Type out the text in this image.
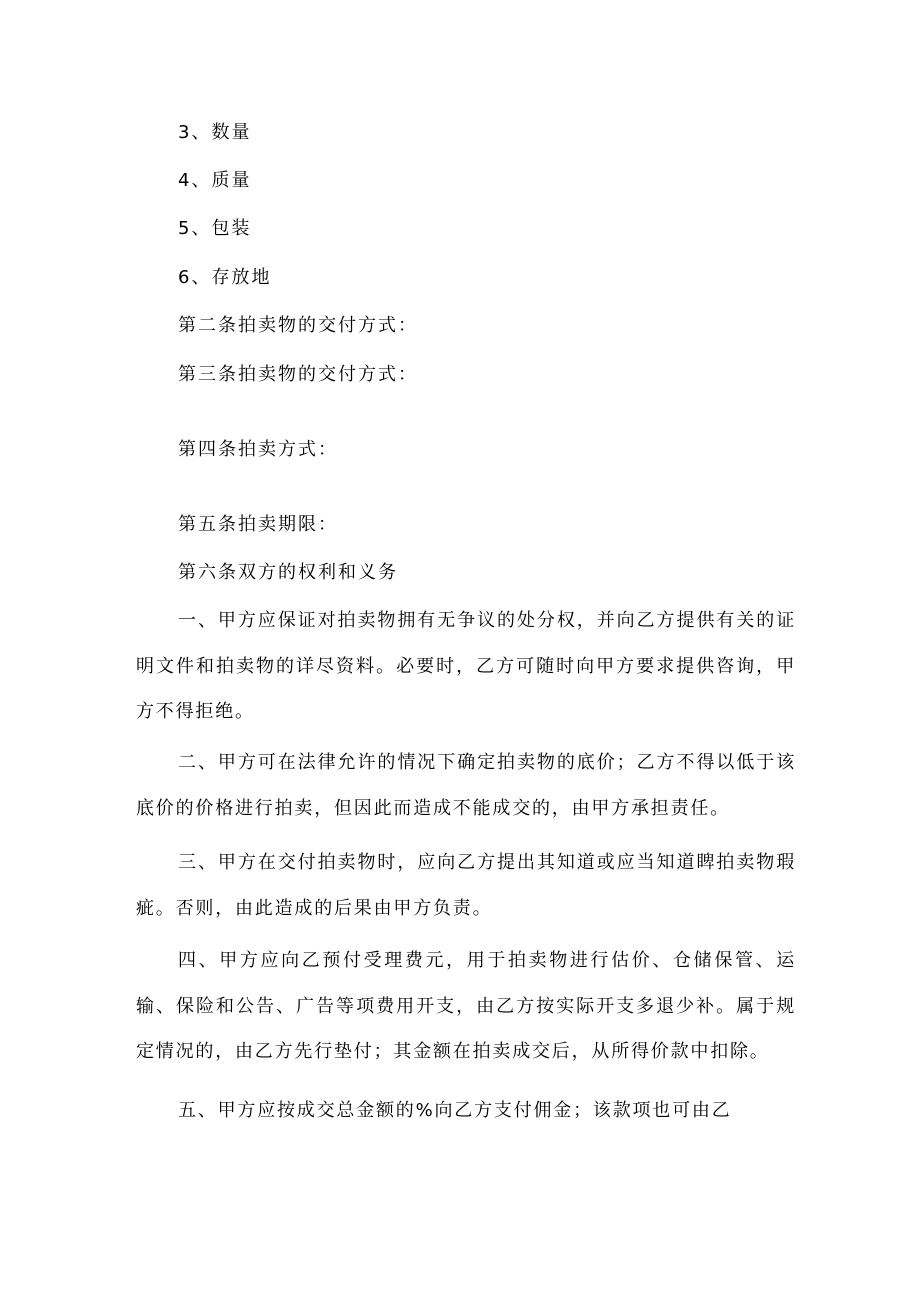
3、数量
4、质量
5、包装
6、存放地
第二条拍卖物的交付方式：
第三条拍卖物的交付方式：
第四条拍卖方式：
第五条拍卖期限：
第六条双方的权利和义务
一、甲方应保证对拍卖物拥有无争议的处分权，并向乙方提供有关的证明文件和拍卖物的详尽资料。必要时，乙方可随时向甲方要求提供咨询，甲方不得拒绝。
二、甲方可在法律允许的情况下确定拍卖物的底价；乙方不得以低于该底价的价格进行拍卖，但因此而造成不能成交的，由甲方承担责任。
三、甲方在交付拍卖物时，应向乙方提出其知道或应当知道睥拍卖物瑕疵。否则，由此造成的后果由甲方负责。
四、甲方应向乙预付受理费元，用于拍卖物进行估价、仓储保管、运输、保险和公告、广告等项费用开支，由乙方按实际开支多退少补。属于规定情况的，由乙方先行垫付；其金额在拍卖成交后，从所得价款中扣除。
五、甲方应按成交总金额的%向乙方支付佣金；该款项也可由乙
